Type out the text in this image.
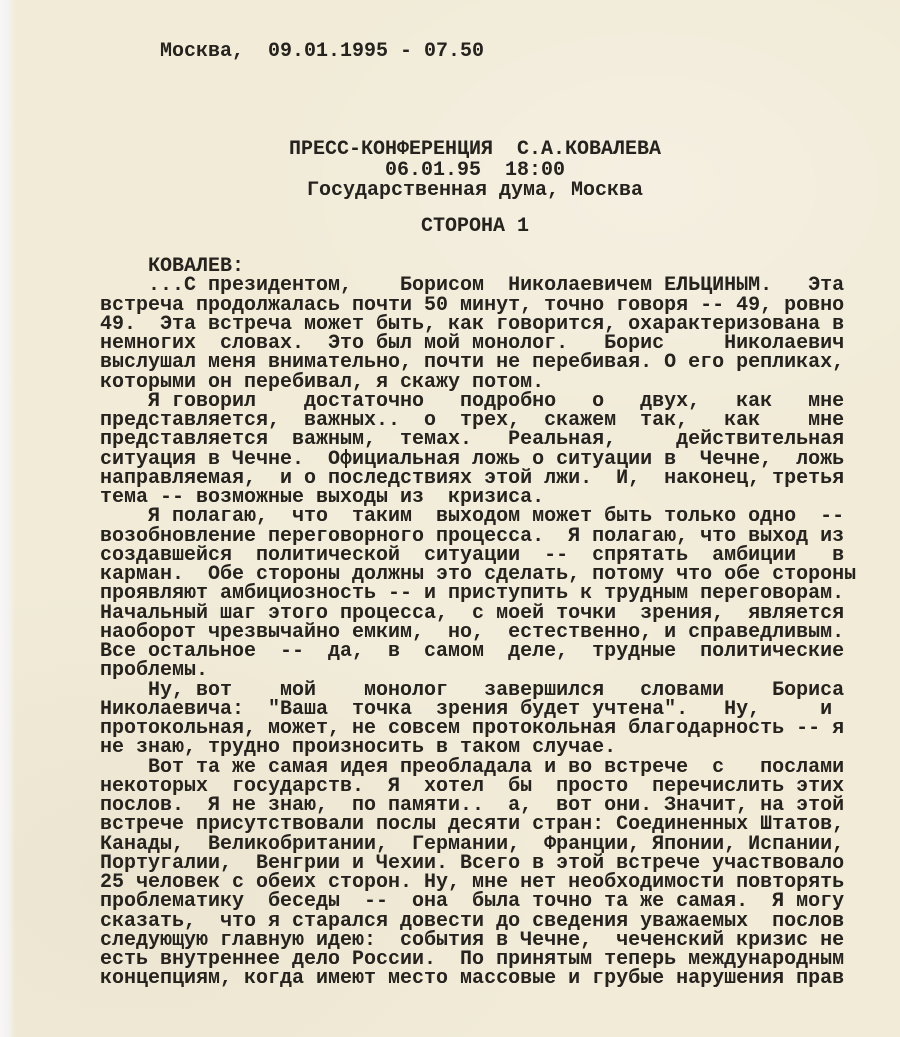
Москва,  09.01.1995 - 07.50
ПРЕСС-КОНФЕРЕНЦИЯ  С.А.КОВАЛЕВА
06.01.95  18:00
Государственная дума, Москва
СТОРОНА 1
КОВАЛЕВ:
...С президентом,    Борисом  Николаевичем ЕЛЬЦИНЫМ.   Эта
встреча продолжалась почти 50 минут, точно говоря -- 49, ровно
49.  Эта встреча может быть, как говорится, охарактеризована в
немногих  словах.  Это был мой монолог.   Борис     Николаевич
выслушал меня внимательно, почти не перебивая. О его репликах,
которыми он перебивал, я скажу потом.
Я говорил    достаточно   подробно   о   двух,   как   мне
представляется,  важных..  о  трех,  скажем  так,   как    мне
представляется  важным,  темах.   Реальная,     действительная
ситуация в Чечне.  Официальная ложь о ситуации в  Чечне,  ложь
направляемая,  и о последствиях этой лжи.  И,  наконец, третья
тема -- возможные выходы из  кризиса.
Я полагаю,  что  таким  выходом может быть только одно  --
возобновление переговорного процесса.  Я полагаю, что выход из
создавшейся  политической  ситуации  --  спрятать  амбиции   в
карман.  Обе стороны должны это сделать, потому что обе стороны
проявляют амбициозность -- и приступить к трудным переговорам.
Начальный шаг этого процесса,  с моей точки  зрения,  является
наоборот чрезвычайно емким,  но,  естественно, и справедливым.
Все остальное  --  да,  в  самом  деле,  трудные  политические
проблемы.
Ну, вот    мой    монолог   завершился   словами    Бориса
Николаевича:  "Ваша  точка  зрения будет учтена".   Ну,     и
протокольная, может, не совсем протокольная благодарность -- я
не знаю, трудно произносить в таком случае.
Вот та же самая идея преобладала и во встрече  с   послами
некоторых  государств.  Я  хотел  бы  просто  перечислить этих
послов.  Я не знаю,  по памяти..  а,  вот они. Значит, на этой
встрече присутствовали послы десяти стран: Соединенных Штатов,
Канады,  Великобритании,  Германии,  Франции, Японии, Испании,
Португалии,  Венгрии и Чехии. Всего в этой встрече участвовало
25 человек с обеих сторон. Ну, мне нет необходимости повторять
проблематику  беседы  --  она  была точно та же самая.  Я могу
сказать,  что я старался довести до сведения уважаемых  послов
следующую главную идею:  события в Чечне,  чеченский кризис не
есть внутреннее дело России.  По принятым теперь международным
концепциям, когда имеют место массовые и грубые нарушения прав
